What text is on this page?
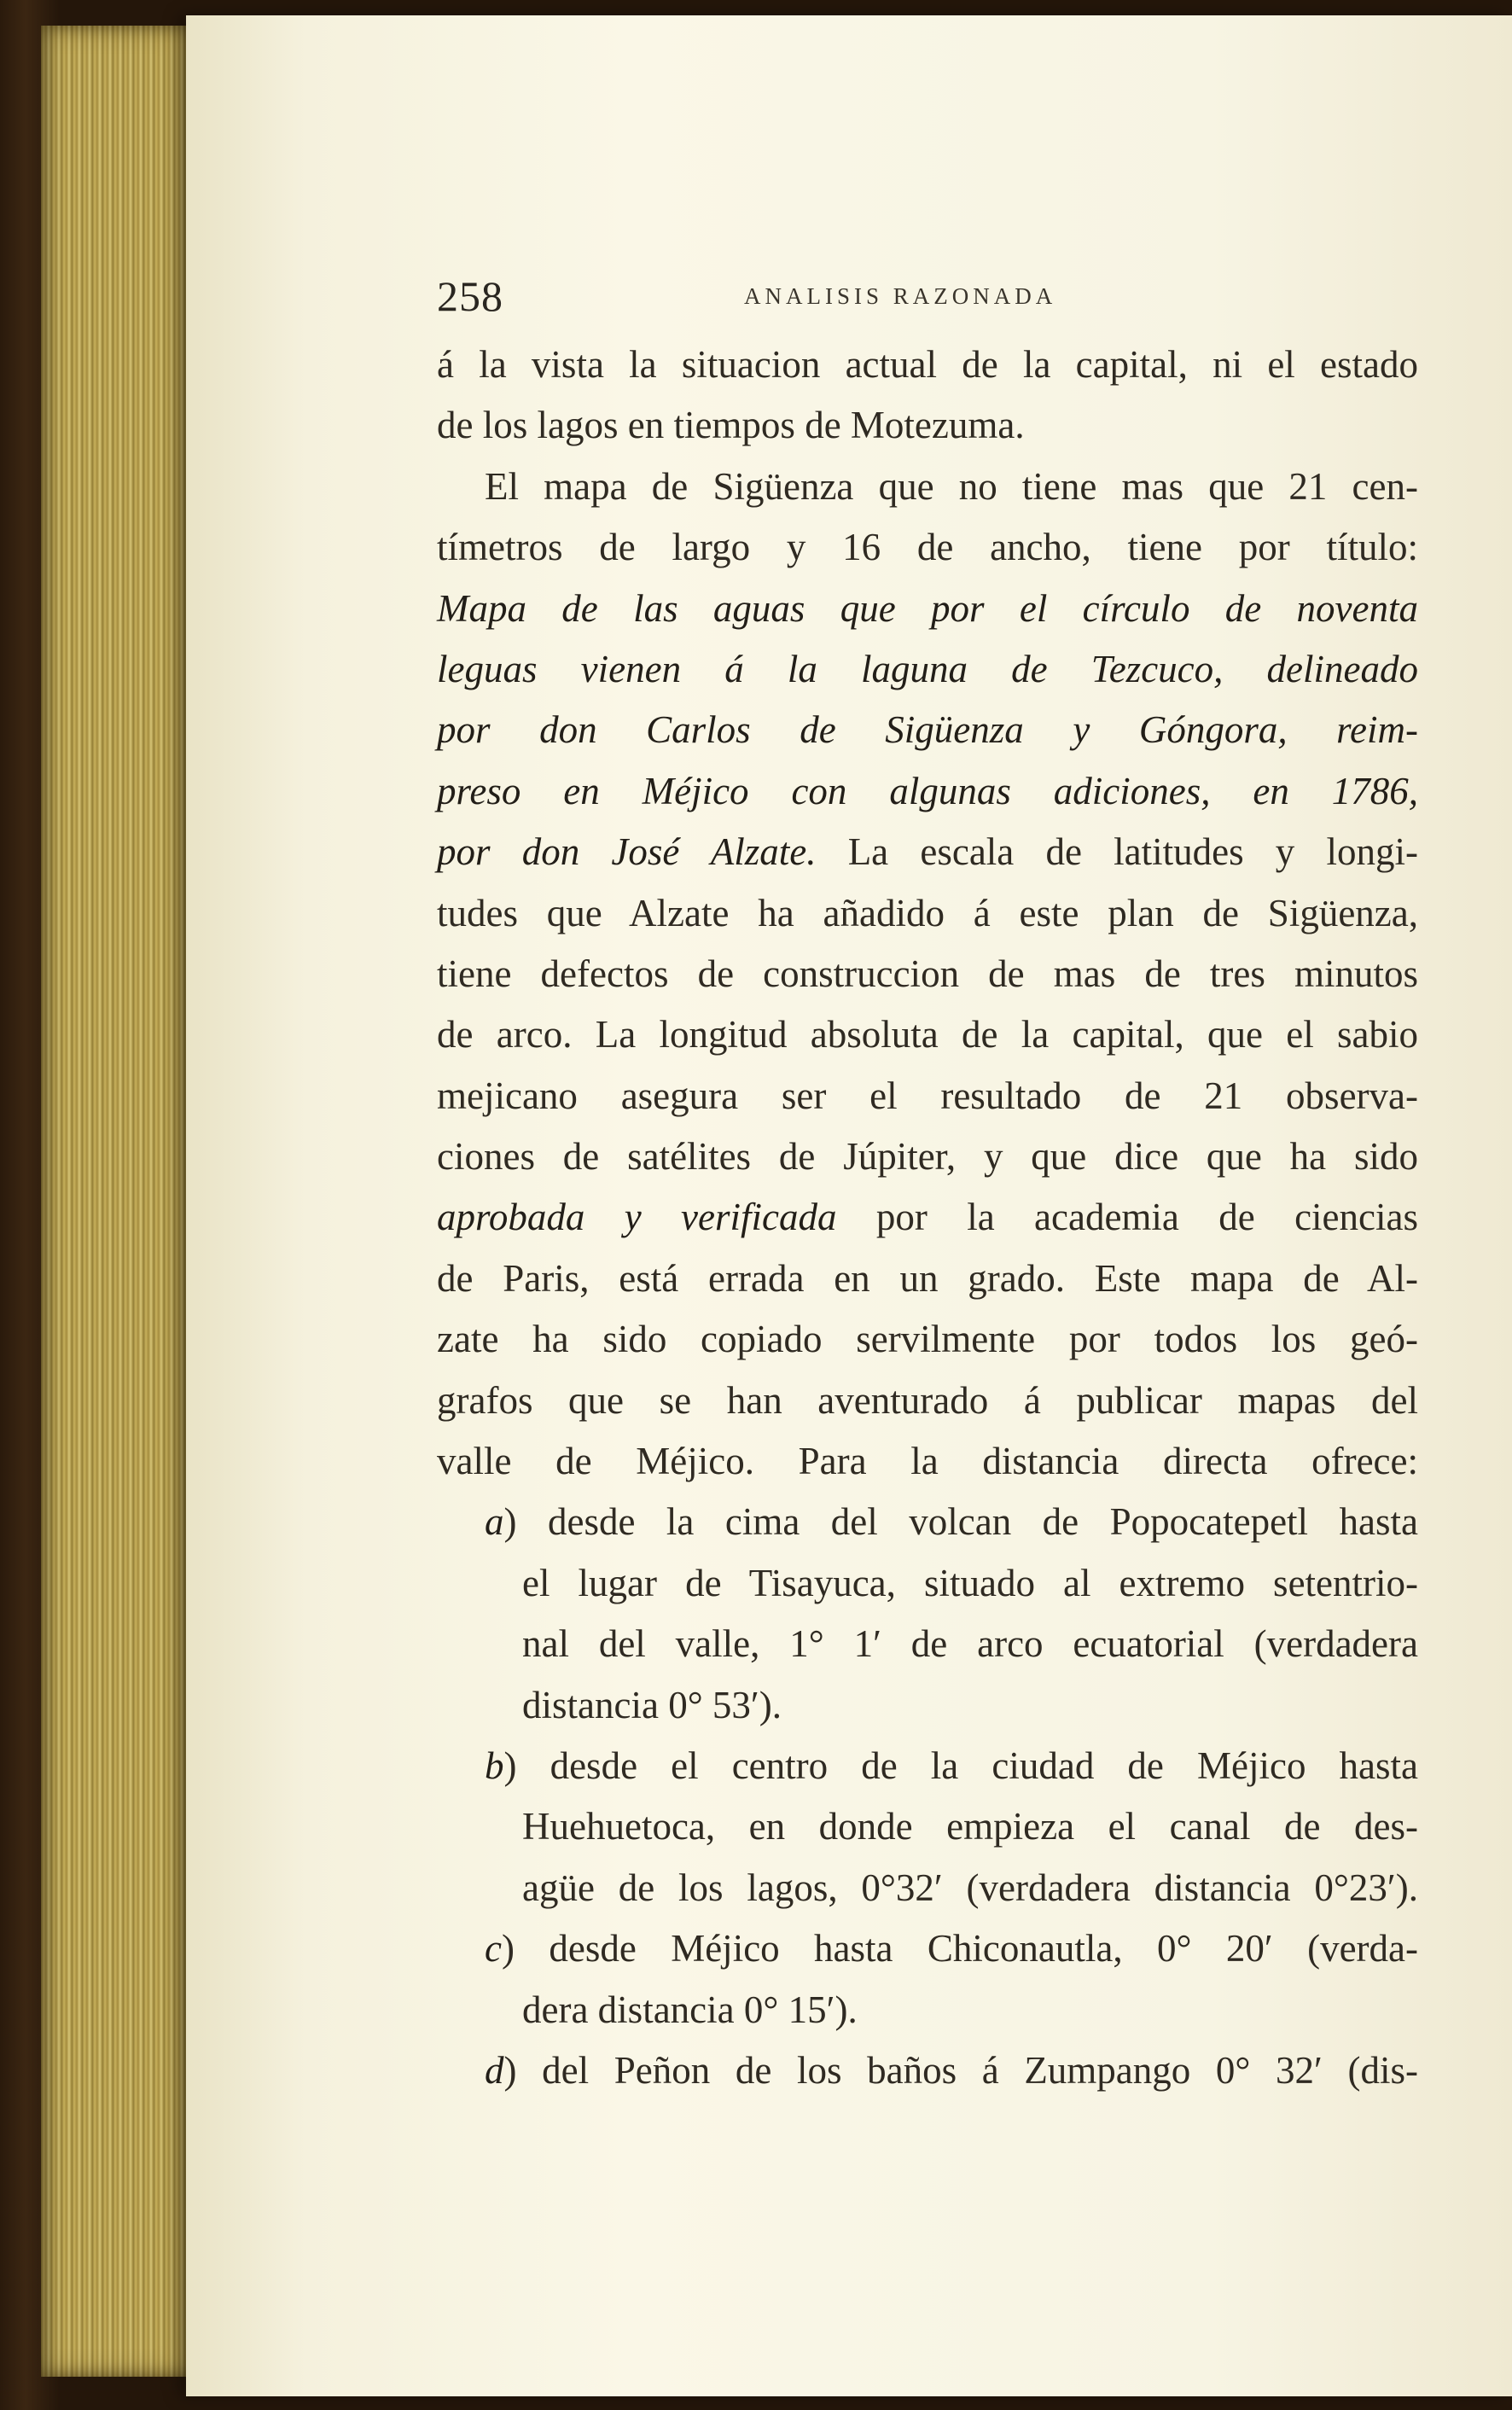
258	ANALISIS RAZONADA
á la vista la situacion actual de la capital, ni el estado
de los lagos en tiempos de Motezuma.
El mapa de Sigüenza que no tiene mas que 21 cen-
tímetros de largo y 16 de ancho, tiene por título:
Mapa de las aguas que por el círculo de noventa
leguas vienen á la laguna de Tezcuco, delineado
por don Carlos de Sigüenza y Góngora, reim-
preso en Méjico con algunas adiciones, en 1786,
por don José Alzate. La escala de latitudes y longi-
tudes que Alzate ha añadido á este plan de Sigüenza,
tiene defectos de construccion de mas de tres minutos
de arco. La longitud absoluta de la capital, que el sabio
mejicano asegura ser el resultado de 21 observa-
ciones de satélites de Júpiter, y que dice que ha sido
aprobada y verificada por la academia de ciencias
de Paris, está errada en un grado. Este mapa de Al-
zate ha sido copiado servilmente por todos los geó-
grafos que se han aventurado á publicar mapas del
valle de Méjico. Para la distancia directa ofrece:
a) desde la cima del volcan de Popocatepetl hasta
el lugar de Tisayuca, situado al extremo setentrio-
nal del valle, 1° 1′ de arco ecuatorial (verdadera
distancia 0° 53′).
b) desde el centro de la ciudad de Méjico hasta
Huehuetoca, en donde empieza el canal de des-
agüe de los lagos, 0°32′ (verdadera distancia 0°23′).
c) desde Méjico hasta Chiconautla, 0° 20′ (verda-
dera distancia 0° 15′).
d) del Peñon de los baños á Zumpango 0° 32′ (dis-
